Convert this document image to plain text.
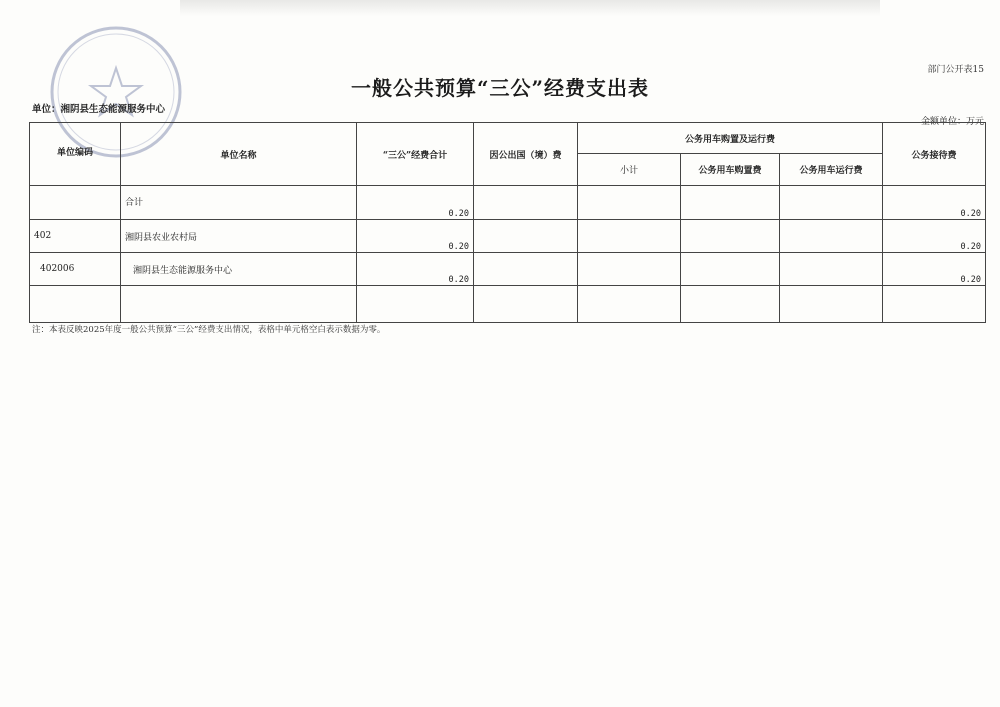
部门公开表15
一般公共预算“三公”经费支出表
单位：湘阴县生态能源服务中心
金额单位：万元
单位编码	单位名称	“三公”经费合计	因公出国（境）费	公务用车购置及运行费			公务接待费
				小计	公务用车购置费	公务用车运行费	
	合计	0.20					0.20
402	湘阴县农业农村局	0.20					0.20
402006	湘阴县生态能源服务中心	0.20					0.20

注：本表反映2025年度一般公共预算“三公”经费支出情况，表格中单元格空白表示数据为零。
